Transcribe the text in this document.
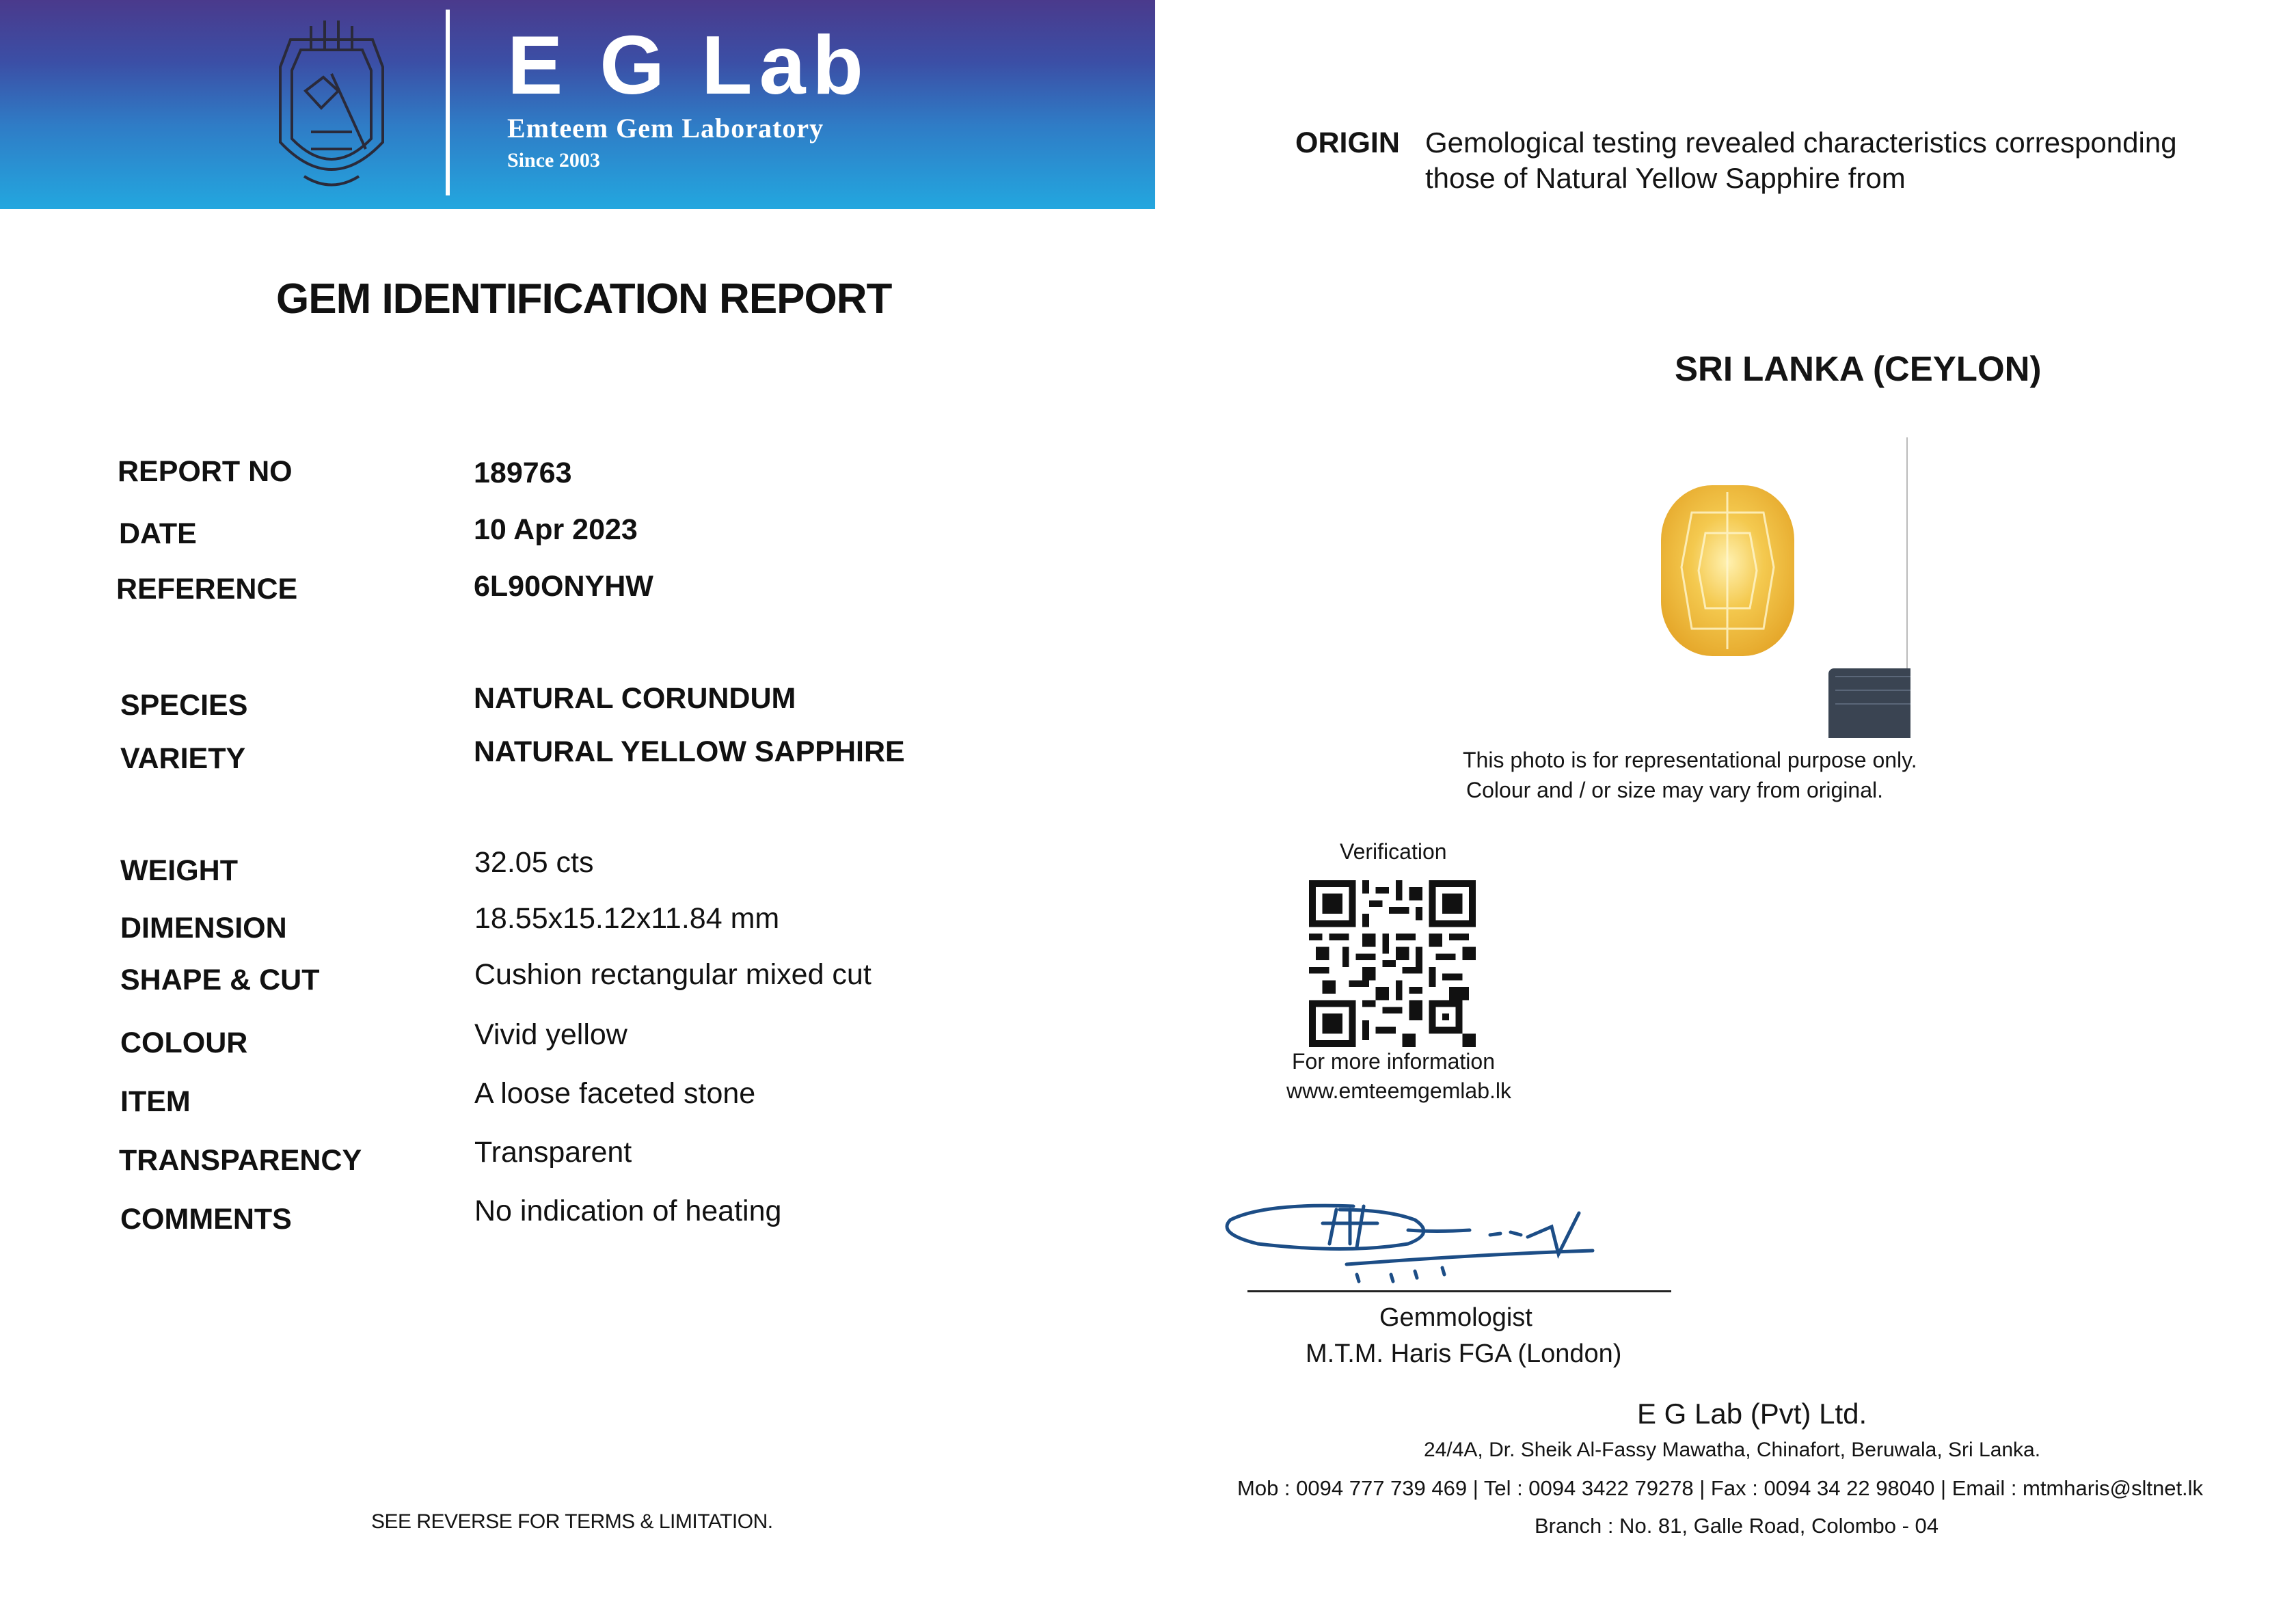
E G Lab
Emteem Gem Laboratory
Since 2003
GEM IDENTIFICATION REPORT
REPORT NO	189763
DATE	10 Apr 2023
REFERENCE	6L90ONYHW
SPECIES	NATURAL CORUNDUM
VARIETY	NATURAL YELLOW SAPPHIRE
WEIGHT	32.05 cts
DIMENSION	18.55x15.12x11.84 mm
SHAPE & CUT	Cushion rectangular mixed cut
COLOUR	Vivid yellow
ITEM	A loose faceted stone
TRANSPARENCY	Transparent
COMMENTS	No indication of heating
SEE REVERSE FOR TERMS & LIMITATION.
ORIGIN Gemological testing revealed characteristics corresponding those of Natural Yellow Sapphire from
SRI LANKA (CEYLON)
This photo is for representational purpose only.
Colour and / or size may vary from original.
Verification
For more information
www.emteemgemlab.lk
Gemmologist
M.T.M. Haris FGA (London)
E G Lab (Pvt) Ltd.
24/4A, Dr. Sheik Al-Fassy Mawatha, Chinafort, Beruwala, Sri Lanka.
Mob : 0094 777 739 469 | Tel : 0094 3422 79278 | Fax : 0094 34 22 98040 | Email : mtmharis@sltnet.lk
Branch : No. 81, Galle Road, Colombo - 04
